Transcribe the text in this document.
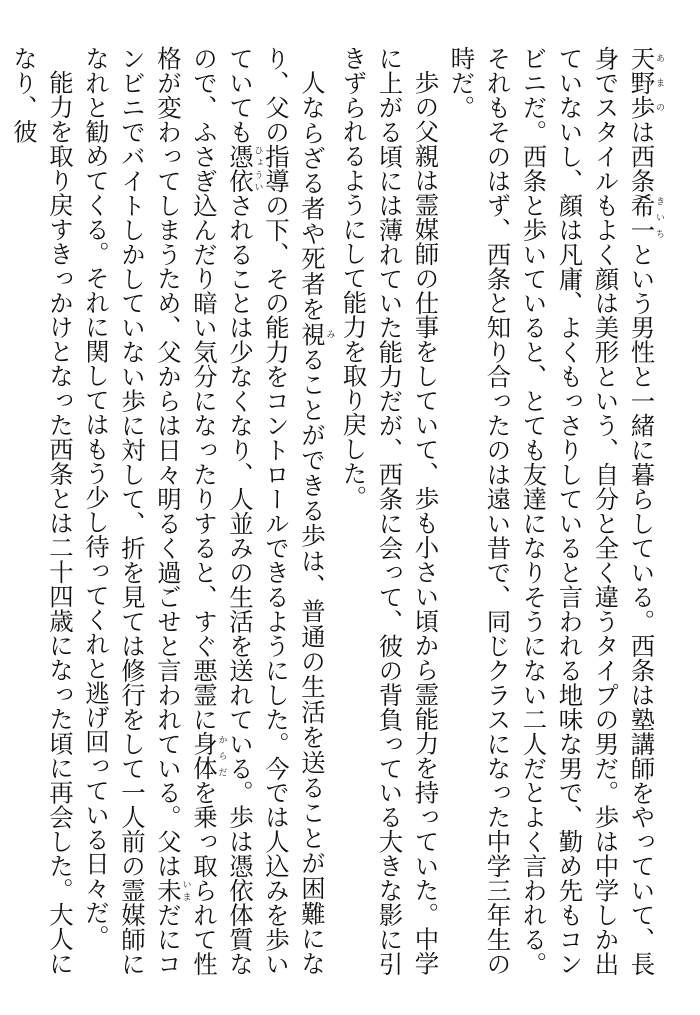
天野歩あまのは西条希一きいちという男性と一緒に暮らしている。西条は塾講師をやっていて、長身でスタイルもよく顔は美形という、自分と全く違うタイプの男だ。歩は中学しか出ていないし、顔は凡庸、よくもっさりしていると言われる地味な男で、勤め先もコンビニだ。西条と歩いていると、とても友達になりそうにない二人だとよく言われる。それもそのはず、西条と知り合ったのは遠い昔で、同じクラスになった中学三年生の時だ。

歩の父親は霊媒師の仕事をしていて、歩も小さい頃から霊能力を持っていた。中学に上がる頃には薄れていた能力だが、西条に会って、彼の背負っている大きな影に引きずられるようにして能力を取り戻した。

人ならざる者や死者を視みることができる歩は、普通の生活を送ることが困難になり、父の指導の下、その能力をコントロールできるようにした。今では人込みを歩いていても憑依ひょういされることは少なくなり、人並みの生活を送れている。歩は憑依体質なので、ふさぎ込んだり暗い気分になったりすると、すぐ悪霊に身体からだを乗っ取られて性格が変わってしまうため、父からは日々明るく過ごせと言われている。父は未いまだにコンビニでバイトしかしていない歩に対して、折を見ては修行をして一人前の霊媒師になれと勧めてくる。それに関してはもう少し待ってくれと逃げ回っている日々だ。

能力を取り戻すきっかけとなった西条とは二十四歳になった頃に再会した。大人になり、彼
